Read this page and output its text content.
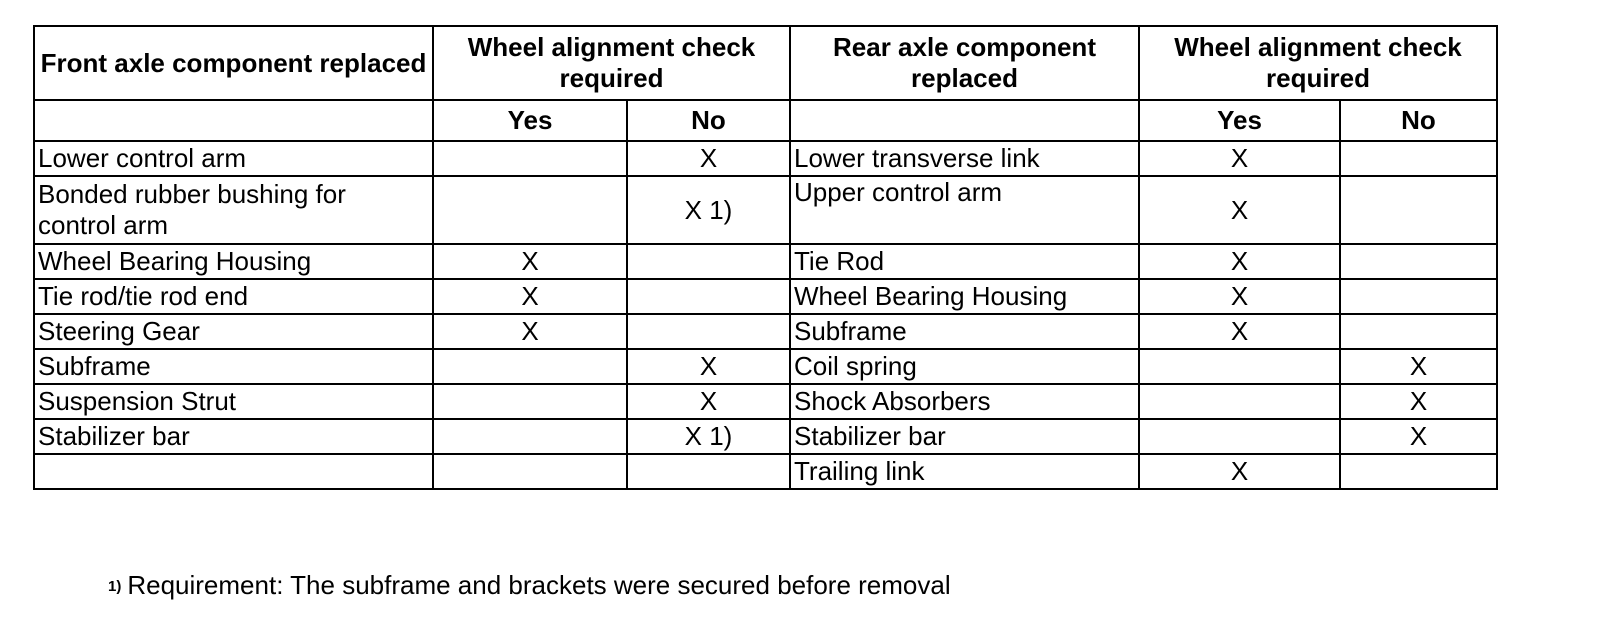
Front axle component replaced	Wheel alignment check required		Rear axle component replaced	Wheel alignment check required	
	Yes	No		Yes	No
Lower control arm		X	Lower transverse link	X	
Bonded rubber bushing for control arm		X 1)	Upper control arm	X	
Wheel Bearing Housing	X		Tie Rod	X	
Tie rod/tie rod end	X		Wheel Bearing Housing	X	
Steering Gear	X		Subframe	X	
Subframe		X	Coil spring		X
Suspension Strut		X	Shock Absorbers		X
Stabilizer bar		X 1)	Stabilizer bar		X
			Trailing link	X	
$^{1)}$ Requirement: The subframe and brackets were secured before removal
